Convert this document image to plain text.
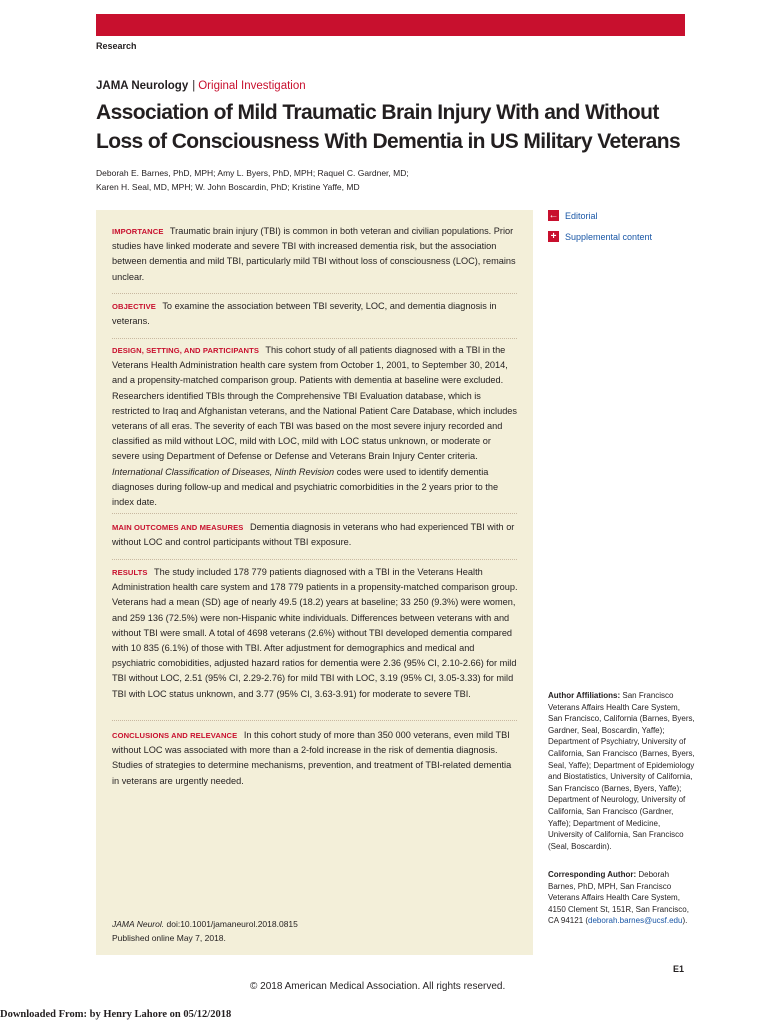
Research
JAMA Neurology | Original Investigation
Association of Mild Traumatic Brain Injury With and Without
Loss of Consciousness With Dementia in US Military Veterans
Deborah E. Barnes, PhD, MPH; Amy L. Byers, PhD, MPH; Raquel C. Gardner, MD;
Karen H. Seal, MD, MPH; W. John Boscardin, PhD; Kristine Yaffe, MD
IMPORTANCE Traumatic brain injury (TBI) is common in both veteran and civilian populations. Prior studies have linked moderate and severe TBI with increased dementia risk, but the association between dementia and mild TBI, particularly mild TBI without loss of consciousness (LOC), remains unclear.
OBJECTIVE To examine the association between TBI severity, LOC, and dementia diagnosis in veterans.
DESIGN, SETTING, AND PARTICIPANTS This cohort study of all patients diagnosed with a TBI in the Veterans Health Administration health care system from October 1, 2001, to September 30, 2014, and a propensity-matched comparison group. Patients with dementia at baseline were excluded. Researchers identified TBIs through the Comprehensive TBI Evaluation database, which is restricted to Iraq and Afghanistan veterans, and the National Patient Care Database, which includes veterans of all eras. The severity of each TBI was based on the most severe injury recorded and classified as mild without LOC, mild with LOC, mild with LOC status unknown, or moderate or severe using Department of Defense or Defense and Veterans Brain Injury Center criteria. International Classification of Diseases, Ninth Revision codes were used to identify dementia diagnoses during follow-up and medical and psychiatric comorbidities in the 2 years prior to the index date.
MAIN OUTCOMES AND MEASURES Dementia diagnosis in veterans who had experienced TBI with or without LOC and control participants without TBI exposure.
RESULTS The study included 178 779 patients diagnosed with a TBI in the Veterans Health Administration health care system and 178 779 patients in a propensity-matched comparison group. Veterans had a mean (SD) age of nearly 49.5 (18.2) years at baseline; 33 250 (9.3%) were women, and 259 136 (72.5%) were non-Hispanic white individuals. Differences between veterans with and without TBI were small. A total of 4698 veterans (2.6%) without TBI developed dementia compared with 10 835 (6.1%) of those with TBI. After adjustment for demographics and medical and psychiatric comobidities, adjusted hazard ratios for dementia were 2.36 (95% CI, 2.10-2.66) for mild TBI without LOC, 2.51 (95% CI, 2.29-2.76) for mild TBI with LOC, 3.19 (95% CI, 3.05-3.33) for mild TBI with LOC status unknown, and 3.77 (95% CI, 3.63-3.91) for moderate to severe TBI.
CONCLUSIONS AND RELEVANCE In this cohort study of more than 350 000 veterans, even mild TBI without LOC was associated with more than a 2-fold increase in the risk of dementia diagnosis. Studies of strategies to determine mechanisms, prevention, and treatment of TBI-related dementia in veterans are urgently needed.
JAMA Neurol. doi:10.1001/jamaneurol.2018.0815
Published online May 7, 2018.
← Editorial
+ Supplemental content
Author Affiliations: San Francisco Veterans Affairs Health Care System, San Francisco, California (Barnes, Byers, Gardner, Seal, Boscardin, Yaffe); Department of Psychiatry, University of California, San Francisco (Barnes, Byers, Seal, Yaffe); Department of Epidemiology and Biostatistics, University of California, San Francisco (Barnes, Byers, Yaffe); Department of Neurology, University of California, San Francisco (Gardner, Yaffe); Department of Medicine, University of California, San Francisco (Seal, Boscardin).
Corresponding Author: Deborah Barnes, PhD, MPH, San Francisco Veterans Affairs Health Care System, 4150 Clement St, 151R, San Francisco, CA 94121 (deborah.barnes@ucsf.edu).
E1
© 2018 American Medical Association. All rights reserved.
Downloaded From: by Henry Lahore on 05/12/2018
